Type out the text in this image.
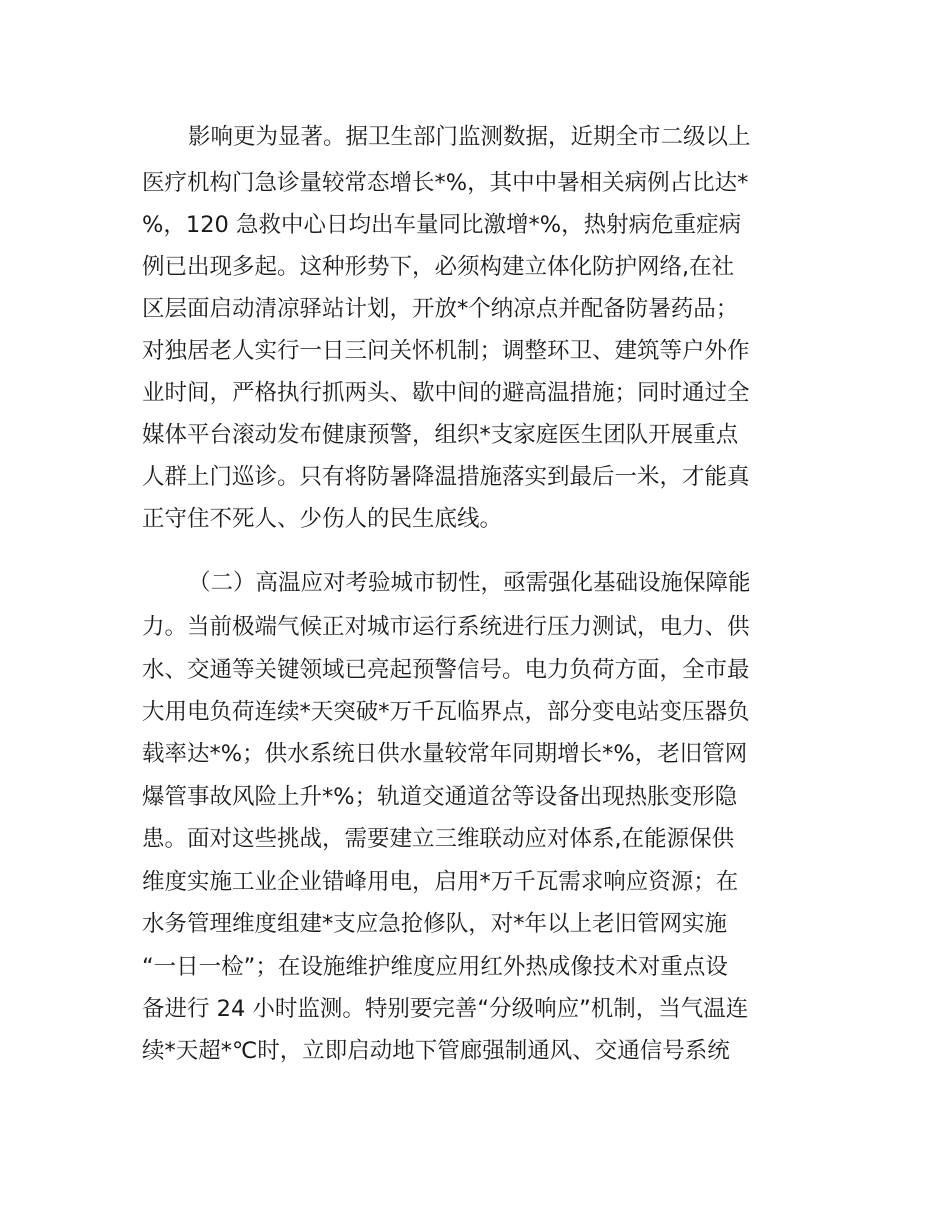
影响更为显著。据卫生部门监测数据，近期全市二级以上

医疗机构门急诊量较常态增长*%，其中中暑相关病例占比达*

%，120 急救中心日均出车量同比激增*%，热射病危重症病

例已出现多起。这种形势下，必须构建立体化防护网络,在社

区层面启动清凉驿站计划，开放*个纳凉点并配备防暑药品；

对独居老人实行一日三问关怀机制；调整环卫、建筑等户外作

业时间，严格执行抓两头、歇中间的避高温措施；同时通过全

媒体平台滚动发布健康预警，组织*支家庭医生团队开展重点

人群上门巡诊。只有将防暑降温措施落实到最后一米，才能真

正守住不死人、少伤人的民生底线。

（二）高温应对考验城市韧性，亟需强化基础设施保障能

力。当前极端气候正对城市运行系统进行压力测试，电力、供

水、交通等关键领域已亮起预警信号。电力负荷方面，全市最

大用电负荷连续*天突破*万千瓦临界点，部分变电站变压器负

载率达*%；供水系统日供水量较常年同期增长*%，老旧管网

爆管事故风险上升*%；轨道交通道岔等设备出现热胀变形隐

患。面对这些挑战，需要建立三维联动应对体系,在能源保供

维度实施工业企业错峰用电，启用*万千瓦需求响应资源；在

水务管理维度组建*支应急抢修队，对*年以上老旧管网实施

“一日一检”；在设施维护维度应用红外热成像技术对重点设

备进行 24 小时监测。特别要完善“分级响应”机制，当气温连

续*天超*℃时，立即启动地下管廊强制通风、交通信号系统
